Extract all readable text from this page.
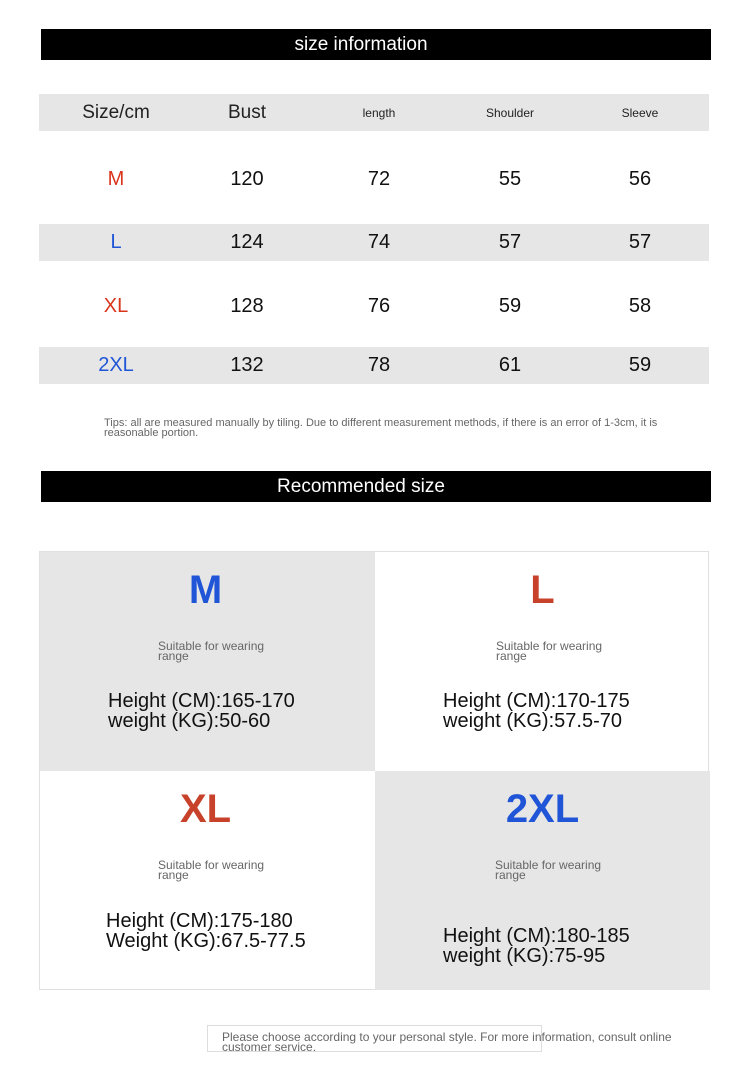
size information
Size/cm	Bust	length	Shoulder	Sleeve
M	120	72	55	56
L	124	74	57	57
XL	128	76	59	58
2XL	132	78	61	59
Tips: all are measured manually by tiling. Due to different measurement methods, if there is an error of 1-3cm, it is reasonable portion.
Recommended size
M
Suitable for wearing range
Height (CM):165-170
weight (KG):50-60
L
Suitable for wearing range
Height (CM):170-175
weight (KG):57.5-70
XL
Suitable for wearing range
Height (CM):175-180
Weight (KG):67.5-77.5
2XL
Suitable for wearing range
Height (CM):180-185
weight (KG):75-95
Please choose according to your personal style. For more information, consult online customer service.
